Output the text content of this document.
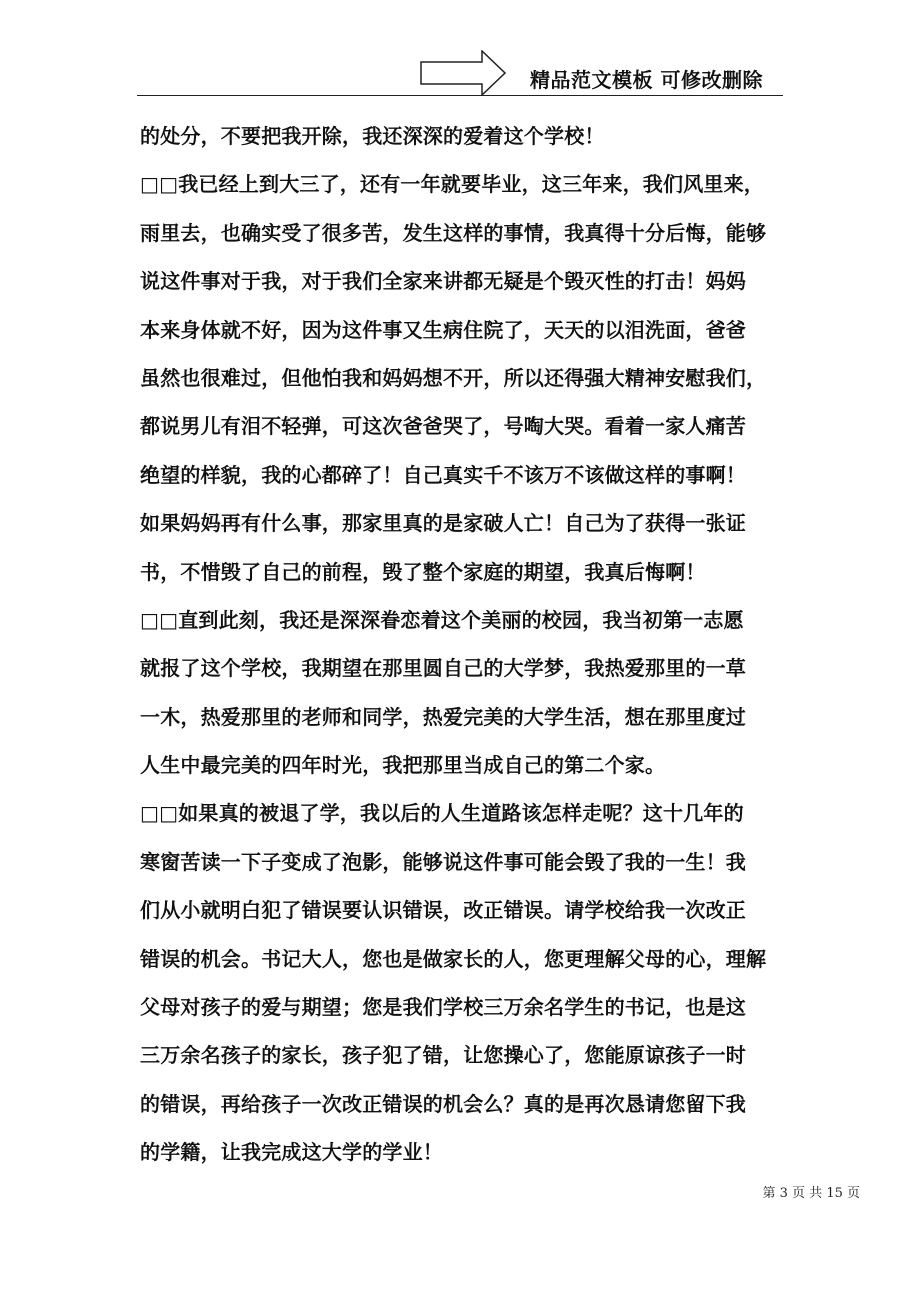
精品范文模板 可修改删除
的处分，不要把我开除，我还深深的爱着这个学校！
□□我已经上到大三了，还有一年就要毕业，这三年来，我们风里来，
雨里去，也确实受了很多苦，发生这样的事情，我真得十分后悔，能够
说这件事对于我，对于我们全家来讲都无疑是个毁灭性的打击！妈妈
本来身体就不好，因为这件事又生病住院了，天天的以泪洗面，爸爸
虽然也很难过，但他怕我和妈妈想不开，所以还得强大精神安慰我们，
都说男儿有泪不轻弹，可这次爸爸哭了，号啕大哭。看着一家人痛苦
绝望的样貌，我的心都碎了！自己真实千不该万不该做这样的事啊！
如果妈妈再有什么事，那家里真的是家破人亡！自己为了获得一张证
书，不惜毁了自己的前程，毁了整个家庭的期望，我真后悔啊！
□□直到此刻，我还是深深眷恋着这个美丽的校园，我当初第一志愿
就报了这个学校，我期望在那里圆自己的大学梦，我热爱那里的一草
一木，热爱那里的老师和同学，热爱完美的大学生活，想在那里度过
人生中最完美的四年时光，我把那里当成自己的第二个家。
□□如果真的被退了学，我以后的人生道路该怎样走呢？这十几年的
寒窗苦读一下子变成了泡影，能够说这件事可能会毁了我的一生！我
们从小就明白犯了错误要认识错误，改正错误。请学校给我一次改正
错误的机会。书记大人，您也是做家长的人，您更理解父母的心，理解
父母对孩子的爱与期望；您是我们学校三万余名学生的书记，也是这
三万余名孩子的家长，孩子犯了错，让您操心了，您能原谅孩子一时
的错误，再给孩子一次改正错误的机会么？真的是再次恳请您留下我
的学籍，让我完成这大学的学业！
第 3 页 共 15 页
